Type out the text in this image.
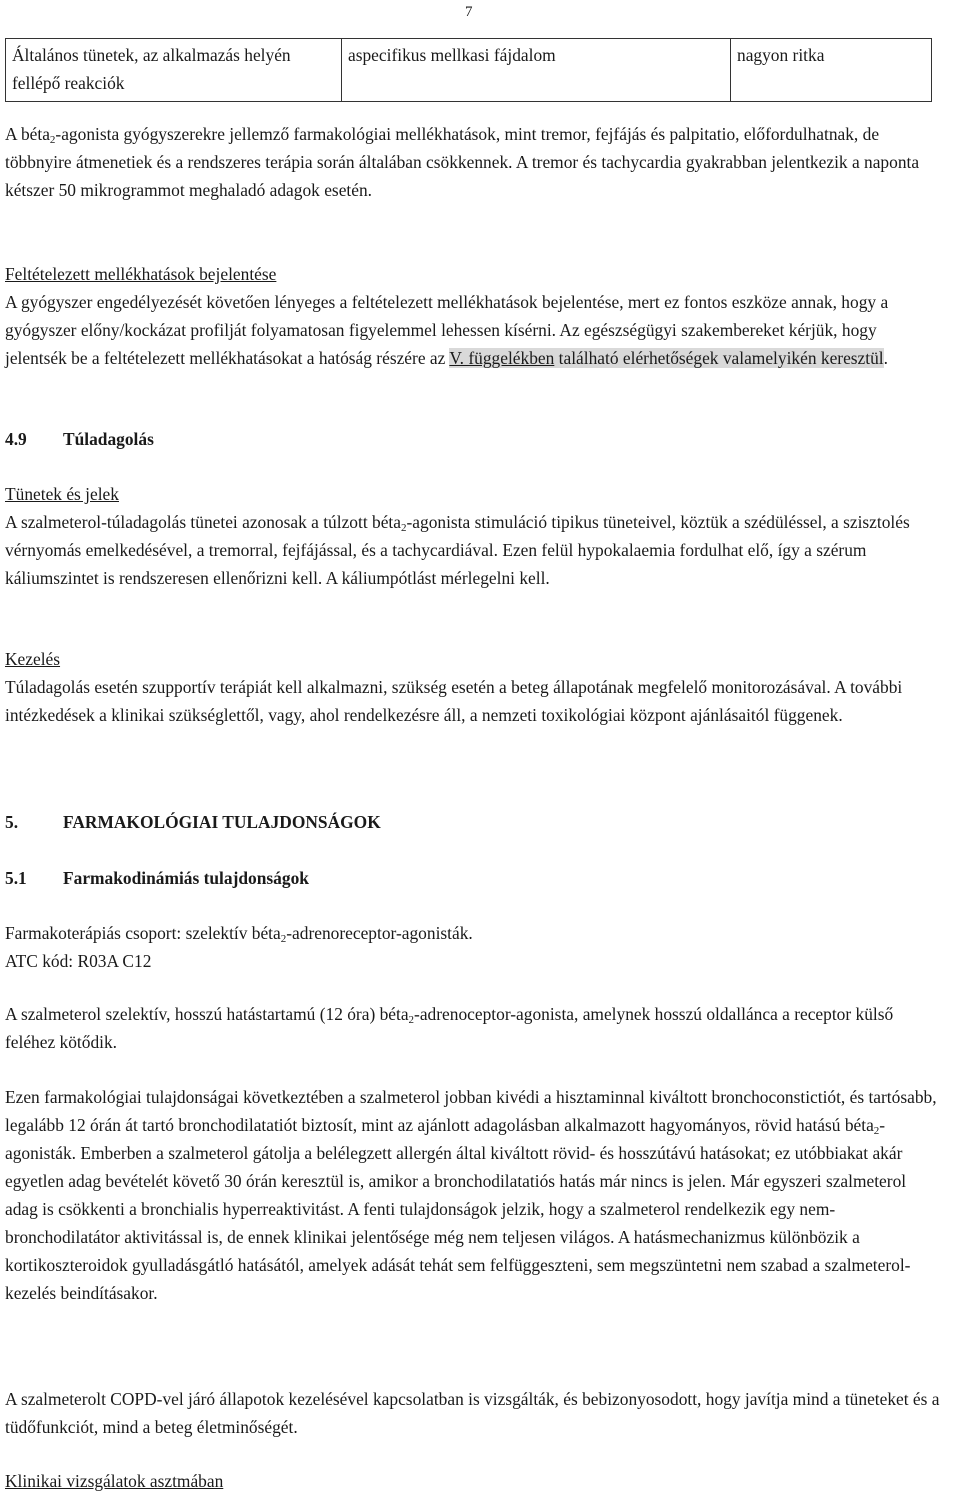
7
Általános tünetek, az alkalmazás helyén fellépő reakciók	aspecifikus mellkasi fájdalom	nagyon ritka

A béta$_2$-agonista gyógyszerekre jellemző farmakológiai mellékhatások, mint tremor, fejfájás és palpitatio, előfordulhatnak, de többnyire átmenetiek és a rendszeres terápia során általában csökkennek. A tremor és tachycardia gyakrabban jelentkezik a naponta kétszer 50 mikrogrammot meghaladó adagok esetén.

Feltételezett mellékhatások bejelentése

A gyógyszer engedélyezését követően lényeges a feltételezett mellékhatások bejelentése, mert ez fontos eszköze annak, hogy a gyógyszer előny/kockázat profilját folyamatosan figyelemmel lehessen kísérni. Az egészségügyi szakembereket kérjük, hogy jelentsék be a feltételezett mellékhatásokat a hatóság részére az V. függelékben található elérhetőségek valamelyikén keresztül.

4.9 Túladagolás

Tünetek és jelek

A szalmeterol-túladagolás tünetei azonosak a túlzott béta$_2$-agonista stimuláció tipikus tüneteivel, köztük a szédüléssel, a szisztolés vérnyomás emelkedésével, a tremorral, fejfájással, és a tachycardiával. Ezen felül hypokalaemia fordulhat elő, így a szérum káliumszintet is rendszeresen ellenőrizni kell. A káliumpótlást mérlegelni kell.

Kezelés

Túladagolás esetén szupportív terápiát kell alkalmazni, szükség esetén a beteg állapotának megfelelő monitorozásával. A további intézkedések a klinikai szükséglettől, vagy, ahol rendelkezésre áll, a nemzeti toxikológiai központ ajánlásaitól függenek.

5.	FARMAKOLÓGIAI TULAJDONSÁGOK
5.1 Farmakodinámiás tulajdonságok

Farmakoterápiás csoport: szelektív béta$_2$-adrenoreceptor-agonisták.

ATC kód: R03A C12

A szalmeterol szelektív, hosszú hatástartamú (12 óra) béta$_2$-adrenoceptor-agonista, amelynek hosszú oldallánca a receptor külső feléhez kötődik.

Ezen farmakológiai tulajdonságai következtében a szalmeterol jobban kivédi a hisztaminnal kiváltott bronchoconstictiót, és tartósabb, legalább 12 órán át tartó bronchodilatatiót biztosít, mint az ajánlott adagolásban alkalmazott hagyományos, rövid hatású béta$_2$-agonisták. Emberben a szalmeterol gátolja a belélegzett allergén által kiváltott rövid- és hosszútávú hatásokat; ez utóbbiakat akár egyetlen adag bevételét követő 30 órán keresztül is, amikor a bronchodilatatiós hatás már nincs is jelen. Már egyszeri szalmeterol adag is csökkenti a bronchialis hyperreaktivitást. A fenti tulajdonságok jelzik, hogy a szalmeterol rendelkezik egy nem-bronchodilatátor aktivitással is, de ennek klinikai jelentősége még nem teljesen világos. A hatásmechanizmus különbözik a kortikoszteroidok gyulladásgátló hatásától, amelyek adását tehát sem felfüggeszteni, sem megszüntetni nem szabad a szalmeterol-kezelés beindításakor.

A szalmeterolt COPD-vel járó állapotok kezelésével kapcsolatban is vizsgálták, és bebizonyosodott, hogy javítja mind a tüneteket és a tüdőfunkciót, mind a beteg életminőségét.

Klinikai vizsgálatok asztmában
